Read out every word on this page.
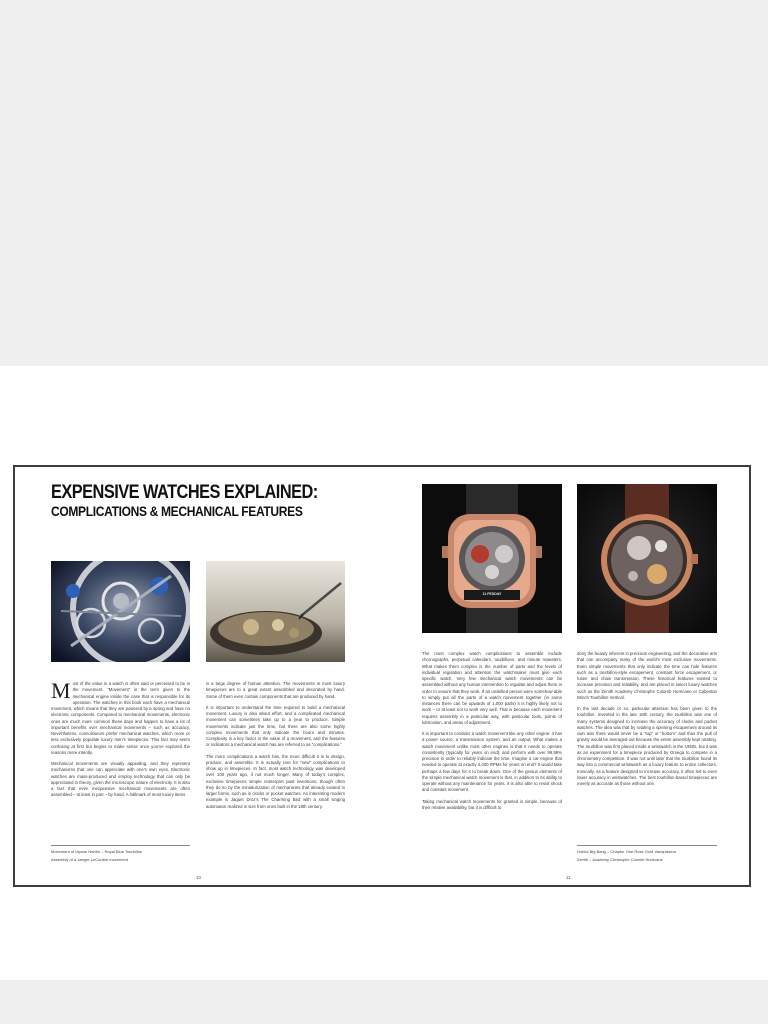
EXPENSIVE WATCHES EXPLAINED:
COMPLICATIONS & MECHANICAL FEATURES
11 FEDDAY

Most of the value in a watch is often said or perceived to be in the movement. “Movement” is the term given to the mechanical engine inside the case that is responsible for its operation. The watches in this book each have a mechanical movement, which means that they are powered by a spring and have no electronic components. Compared to mechanical movements, electronic ones are much more common these days and happen to have a lot of important benefits over mechanical movements – such as accuracy. Nevertheless, connoisseurs prefer mechanical watches, which more or less exclusively populate luxury men’s timepieces. This fact may seem confusing at first but begins to make sense once you’ve explored the reasons more intently.

Mechanical movements are visually appealing, and they represent mechanisms that one can appreciate with one’s own eyes. Electronic watches are mass-produced and employ technology that can only be appreciated in theory, given the microscopic nature of electricity. It is also a fact that even inexpensive mechanical movements are often assembled – at least in part – by hand. A hallmark of most luxury items

is a large degree of human attention. The movements in most luxury timepieces are to a great extent assembled and decorated by hand. Some of them even contain components that are produced by hand.

It is important to understand the time required to build a mechanical movement. Luxury is also about effort, and a complicated mechanical movement can sometimes take up to a year to produce. Simple movements indicate just the time, but there are also some highly complex movements that only indicate the hours and minutes. Complexity is a key factor in the value of a movement, and the features or indicators a mechanical watch has are referred to as “complications.”

The more complications a watch has, the more difficult it is to design, produce, and assemble. It is actually rare for “new” complications to show up in timepieces. In fact, most watch technology was developed over 100 years ago, if not much longer. Many of today’s complex, exclusive timepieces simple reinterpret past inventions, though often they do so by the miniaturization of mechanisms that already existed in larger forms, such as in clocks or pocket watches. An interesting modern example is Jaquet Droz’s The Charming Bird with a small singing automaton realized in size from ones built in the 18th century.

Movement of Ulysse Nardin – Royal Blue Tourbillon
Assembly of a Jaeger-LeCoultre movement
10

The most complex watch complications to assemble include chronographs, perpetual calendars, tourbillons, and minute repeaters. What makes them complex is the number of parts and the levels of individual regulation and attention the watchmaker must give each specific watch. Very few mechanical watch movements can be assembled without any human intervention to regulate and adjust them in order to ensure that they work. If an unskilled person were somehow able to simply put all the parts of a watch movement together (in some instances there can be upwards of 1,000 parts) it is highly likely not to work – or at least not to work very well. That is because each movement requires assembly in a particular way, with particular tools, points of lubrication, and areas of adjustment.

It is important to consider a watch movement like any other engine: it has a power source, a transmission system, and an output. What makes a watch movement unlike most other engines is that it needs to operate consistently (typically for years on end), and perform with over 99.99% precision in order to reliably indicate the time. Imagine a car engine that needed to operate at exactly 4,000 RPMs for years on end? It would take perhaps a few days for it to break down. One of the genius elements of the simple mechanical watch movement is that, in addition to its ability to operate without any maintenance for years, it is also able to resist shock and constant movement.

Taking mechanical watch movements for granted is simple, because of their relative availability, but it is difficult to

deny the beauty inherent in precision engineering, and the decorative arts that can accompany many of the world’s most exclusive movements. Even simple movements that only indicate the time can hide features such as a tourbillon-style escapement, constant force escapement, or fusee and chain transmission. These historical features existed to increase precision and reliability, and are placed in select luxury watches such as the Zenith Academy Christophe Colomb Hurricane or Cabestan Winch Tourbillon Vertical.

In the last decade or so, particular attention has been given to the tourbillon. Invented in the late 18th century, the tourbillon was one of many systems designed to increase the accuracy of clocks and pocket watches. The idea was that by rotating a spinning escapement around its own axis there would never be a “top” or “bottom” and thus the pull of gravity would be averaged out because the entire assembly kept rotating. The tourbillon was first placed inside a wristwatch in the 1950s, but it was as an experiment for a timepiece produced by Omega to compete in a chronometry competition. It was not until later that the tourbillon found its way into a commercial wristwatch as a luxury feature to entice collectors. Ironically, as a feature designed to increase accuracy, it often led to even lower accuracy in wristwatches. The best tourbillon-based timepieces are merely as accurate as those without one.

Hublot Big Bang – Chapter One Rose Gold Vanquisseur
Zenith – Academy Christophe Colomb Hurricane
11
